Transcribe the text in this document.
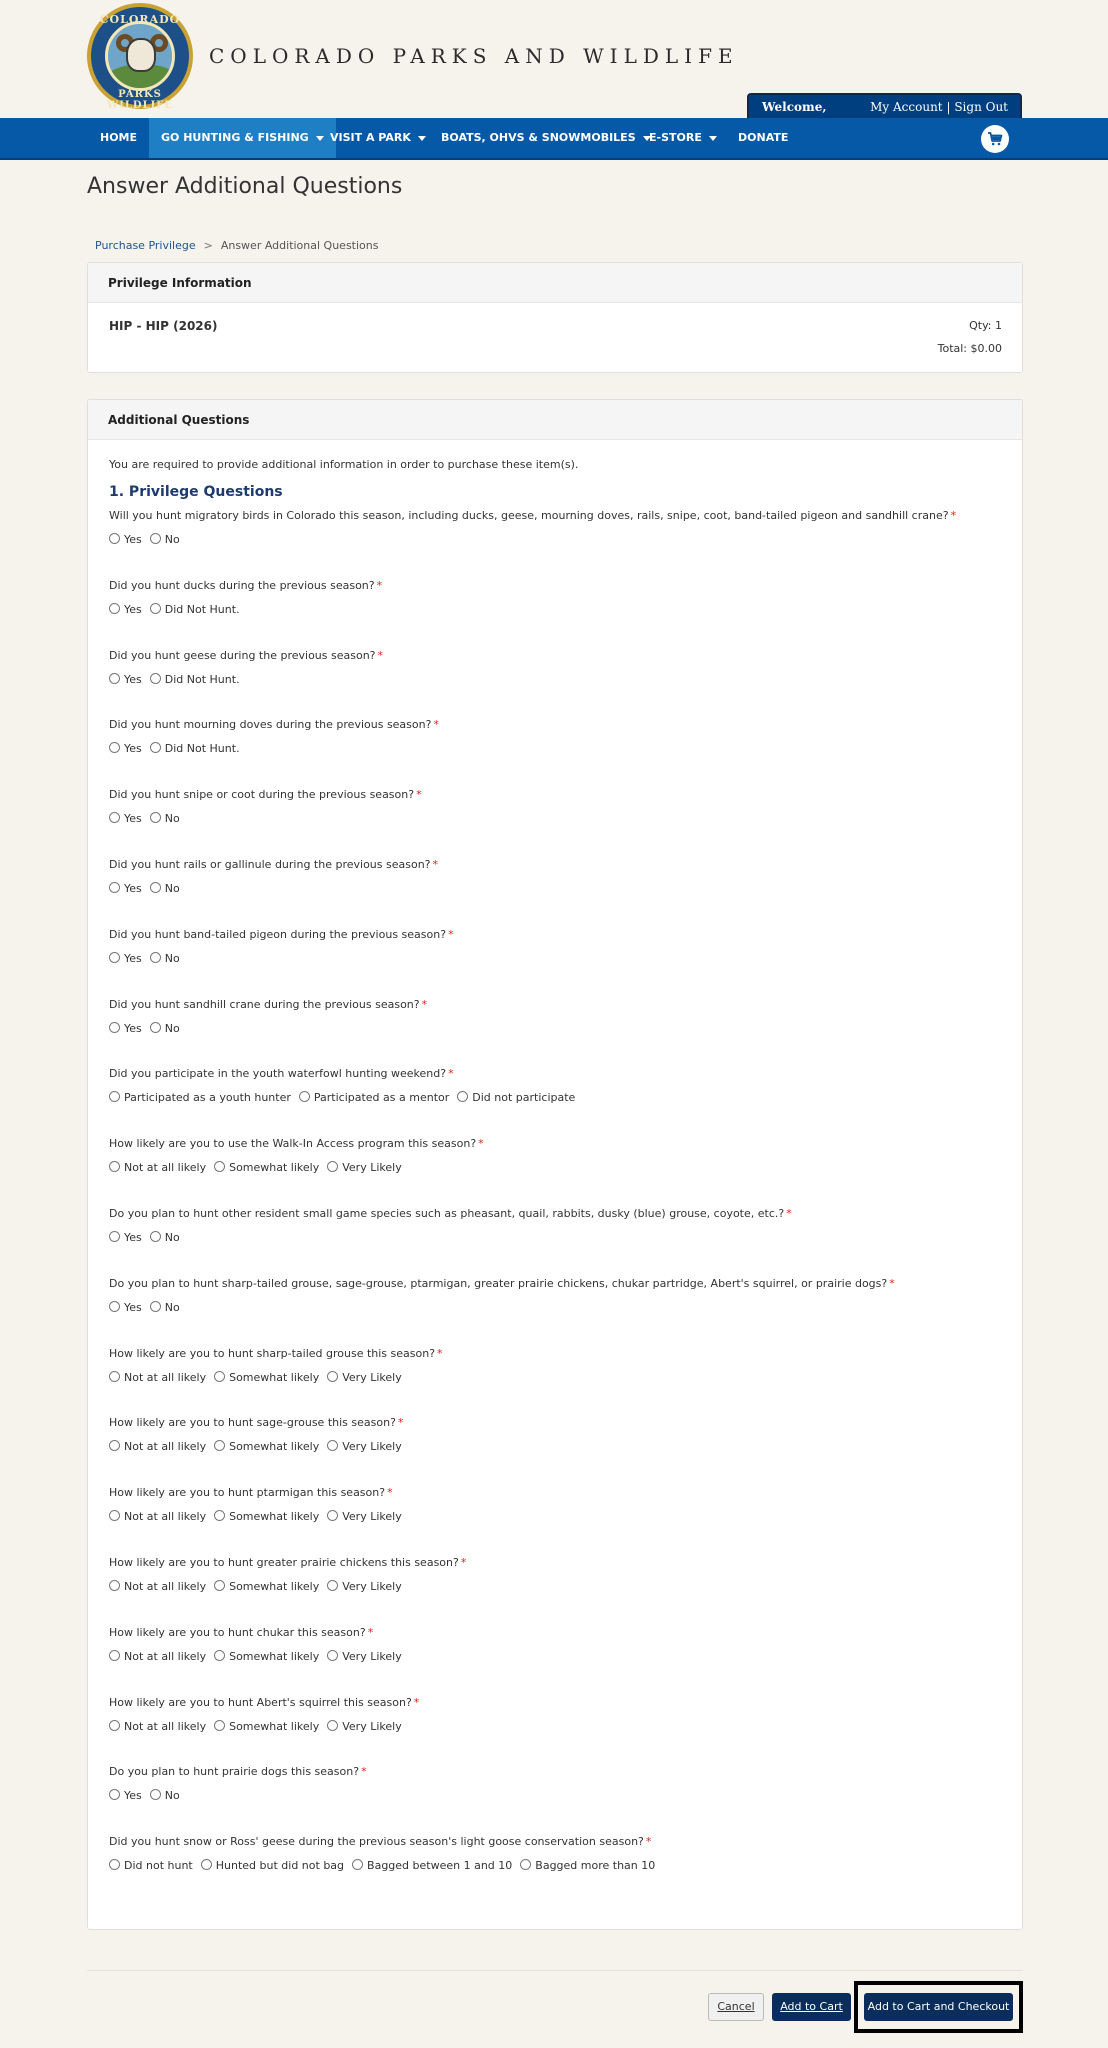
COLORADO
PARKS WILDLIFE
COLORADO PARKS AND WILDLIFE
Welcome,	My Account | Sign Out
HOME	GO HUNTING & FISHING	VISIT A PARK	BOATS, OHVS & SNOWMOBILES	E-STORE	DONATE
Answer Additional Questions
Purchase Privilege > Answer Additional Questions
Privilege Information
HIP - HIP (2026)	Qty: 1
Total: $0.00
Additional Questions
You are required to provide additional information in order to purchase these item(s).
1. Privilege Questions
Will you hunt migratory birds in Colorado this season, including ducks, geese, mourning doves, rails, snipe, coot, band-tailed pigeon and sandhill crane? *
Yes No
Did you hunt ducks during the previous season? *
Yes Did Not Hunt.
Did you hunt geese during the previous season? *
Yes Did Not Hunt.
Did you hunt mourning doves during the previous season? *
Yes Did Not Hunt.
Did you hunt snipe or coot during the previous season? *
Yes No
Did you hunt rails or gallinule during the previous season? *
Yes No
Did you hunt band-tailed pigeon during the previous season? *
Yes No
Did you hunt sandhill crane during the previous season? *
Yes No
Did you participate in the youth waterfowl hunting weekend? *
Participated as a youth hunter Participated as a mentor Did not participate
How likely are you to use the Walk-In Access program this season? *
Not at all likely Somewhat likely Very Likely
Do you plan to hunt other resident small game species such as pheasant, quail, rabbits, dusky (blue) grouse, coyote, etc.? *
Yes No
Do you plan to hunt sharp-tailed grouse, sage-grouse, ptarmigan, greater prairie chickens, chukar partridge, Abert's squirrel, or prairie dogs? *
Yes No
How likely are you to hunt sharp-tailed grouse this season? *
Not at all likely Somewhat likely Very Likely
How likely are you to hunt sage-grouse this season? *
Not at all likely Somewhat likely Very Likely
How likely are you to hunt ptarmigan this season? *
Not at all likely Somewhat likely Very Likely
How likely are you to hunt greater prairie chickens this season? *
Not at all likely Somewhat likely Very Likely
How likely are you to hunt chukar this season? *
Not at all likely Somewhat likely Very Likely
How likely are you to hunt Abert's squirrel this season? *
Not at all likely Somewhat likely Very Likely
Do you plan to hunt prairie dogs this season? *
Yes No
Did you hunt snow or Ross' geese during the previous season's light goose conservation season? *
Did not hunt Hunted but did not bag Bagged between 1 and 10 Bagged more than 10
Cancel	Add to Cart	Add to Cart and Checkout
